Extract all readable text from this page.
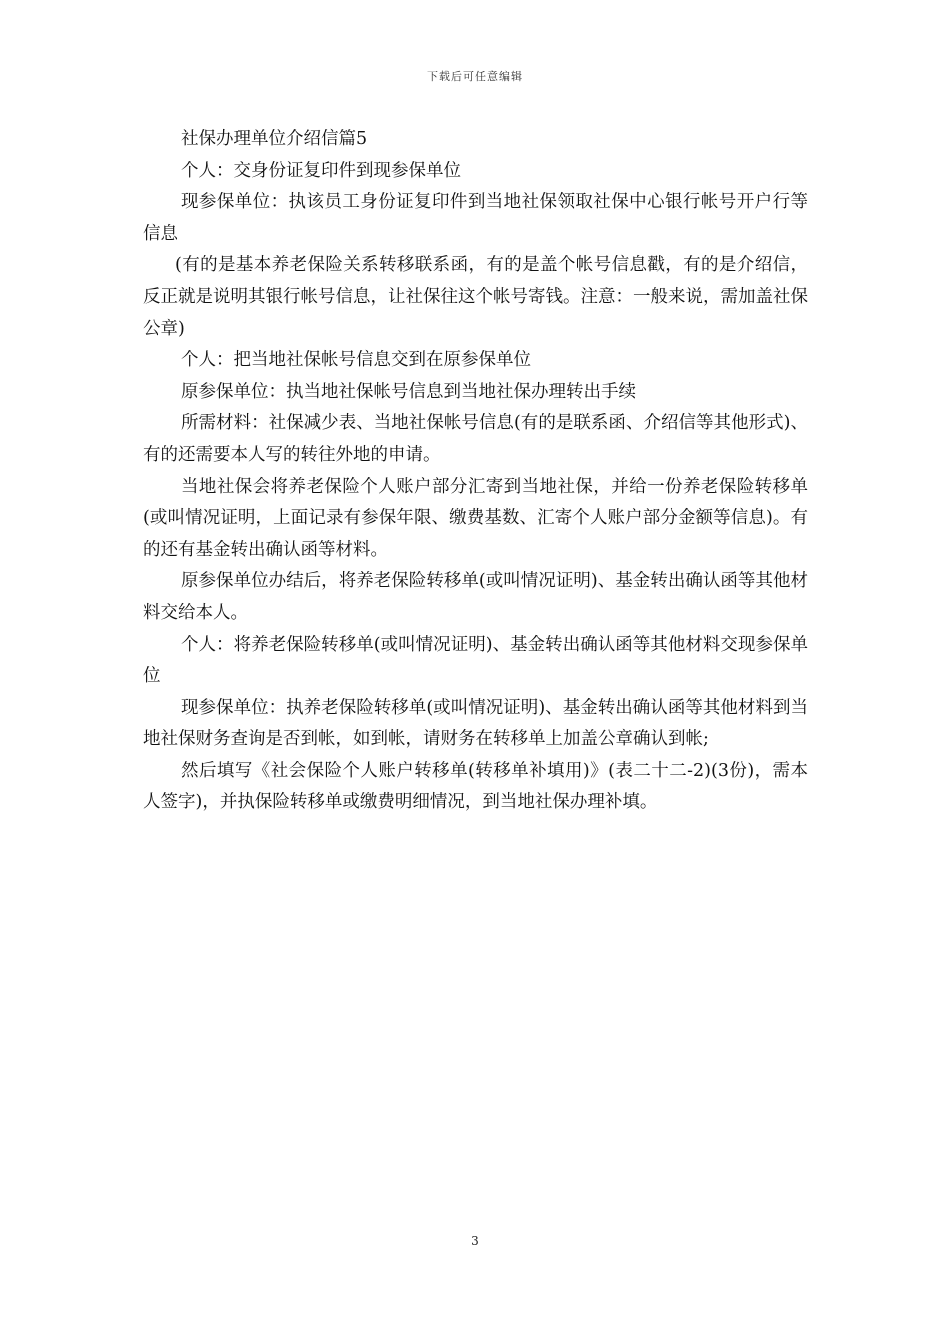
下载后可任意编辑

社保办理单位介绍信篇5

个人：交身份证复印件到现参保单位

现参保单位：执该员工身份证复印件到当地社保领取社保中心银行帐号开户行等信息

(有的是基本养老保险关系转移联系函，有的是盖个帐号信息戳，有的是介绍信，反正就是说明其银行帐号信息，让社保往这个帐号寄钱。注意：一般来说，需加盖社保公章)

个人：把当地社保帐号信息交到在原参保单位

原参保单位：执当地社保帐号信息到当地社保办理转出手续

所需材料：社保减少表、当地社保帐号信息(有的是联系函、介绍信等其他形式)、有的还需要本人写的转往外地的申请。

当地社保会将养老保险个人账户部分汇寄到当地社保，并给一份养老保险转移单(或叫情况证明，上面记录有参保年限、缴费基数、汇寄个人账户部分金额等信息)。有的还有基金转出确认函等材料。

原参保单位办结后，将养老保险转移单(或叫情况证明)、基金转出确认函等其他材料交给本人。

个人：将养老保险转移单(或叫情况证明)、基金转出确认函等其他材料交现参保单位

现参保单位：执养老保险转移单(或叫情况证明)、基金转出确认函等其他材料到当地社保财务查询是否到帐，如到帐，请财务在转移单上加盖公章确认到帐;

然后填写《社会保险个人账户转移单(转移单补填用)》(表二十二-2)(3份)，需本人签字)，并执保险转移单或缴费明细情况，到当地社保办理补填。

3
